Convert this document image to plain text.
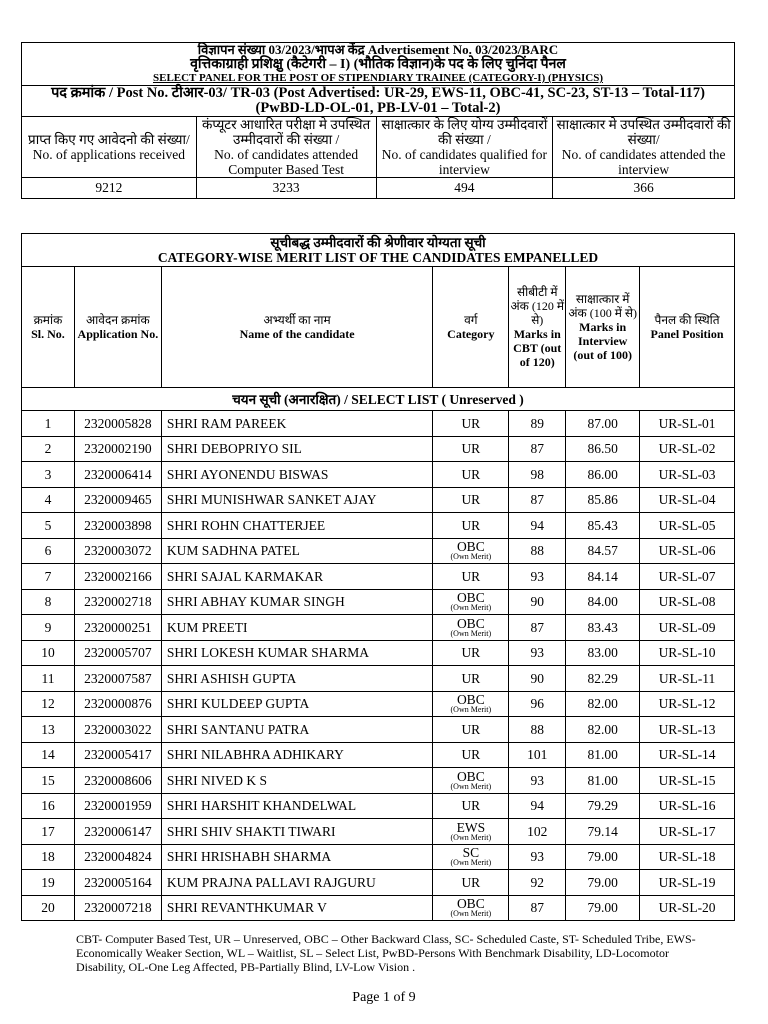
विज्ञापन संख्या 03/2023/भापअ केंद्र Advertisement No. 03/2023/BARC
वृत्तिकाग्राही प्रशिक्षु (कैटेगरी – I) (भौतिक विज्ञान)के पद के लिए चुनिंदा पैनल
SELECT PANEL FOR THE POST OF STIPENDIARY TRAINEE (CATEGORY-I) (PHYSICS)			

पद क्रमांक / Post No. टीआर-03/ TR-03 (Post Advertised: UR-29, EWS-11, OBC-41, SC-23, ST-13 – Total-117)
(PwBD-LD-OL-01, PB-LV-01 – Total-2)			

प्राप्त किए गए आवेदनो की संख्या/
No. of applications received	कंप्यूटर आधारित परीक्षा मे उपस्थित उम्मीदवारों की संख्या /
No. of candidates attended Computer Based Test	साक्षात्कार के लिए योग्य उम्मीदवारों की संख्या /
No. of candidates qualified for interview	साक्षात्कार मे उपस्थित उम्मीदवारों की संख्या/
No. of candidates attended the interview
9212	3233	494	366
सूचीबद्ध उम्मीदवारों की श्रेणीवार योग्यता सूची
CATEGORY-WISE MERIT LIST OF THE CANDIDATES EMPANELLED						

क्रमांक
Sl. No.	आवेदन क्रमांक
Application No.	अभ्यर्थी का नाम
Name of the candidate	वर्ग
Category	सीबीटी में अंक (120 में से)
Marks in CBT (out of 120)	साक्षात्कार में अंक (100 में से)
Marks in Interview (out of 100)	पैनल की स्थिति
Panel Position
चयन सूची (अनारक्षित) / SELECT LIST ( Unreserved )						
1	2320005828	SHRI RAM PAREEK	UR	89	87.00	UR-SL-01
2	2320002190	SHRI DEBOPRIYO SIL	UR	87	86.50	UR-SL-02
3	2320006414	SHRI AYONENDU BISWAS	UR	98	86.00	UR-SL-03
4	2320009465	SHRI MUNISHWAR SANKET AJAY	UR	87	85.86	UR-SL-04
5	2320003898	SHRI ROHN CHATTERJEE	UR	94	85.43	UR-SL-05
6	2320003072	KUM SADHNA PATEL	OBC
(Own Merit)	88	84.57	UR-SL-06
7	2320002166	SHRI SAJAL KARMAKAR	UR	93	84.14	UR-SL-07
8	2320002718	SHRI ABHAY KUMAR SINGH	OBC
(Own Merit)	90	84.00	UR-SL-08
9	2320000251	KUM PREETI	OBC
(Own Merit)	87	83.43	UR-SL-09
10	2320005707	SHRI LOKESH KUMAR SHARMA	UR	93	83.00	UR-SL-10
11	2320007587	SHRI ASHISH GUPTA	UR	90	82.29	UR-SL-11
12	2320000876	SHRI KULDEEP GUPTA	OBC
(Own Merit)	96	82.00	UR-SL-12
13	2320003022	SHRI SANTANU PATRA	UR	88	82.00	UR-SL-13
14	2320005417	SHRI NILABHRA ADHIKARY	UR	101	81.00	UR-SL-14
15	2320008606	SHRI NIVED K S	OBC
(Own Merit)	93	81.00	UR-SL-15
16	2320001959	SHRI HARSHIT KHANDELWAL	UR	94	79.29	UR-SL-16
17	2320006147	SHRI SHIV SHAKTI TIWARI	EWS
(Own Merit)	102	79.14	UR-SL-17
18	2320004824	SHRI HRISHABH SHARMA	SC
(Own Merit)	93	79.00	UR-SL-18
19	2320005164	KUM PRAJNA PALLAVI RAJGURU	UR	92	79.00	UR-SL-19
20	2320007218	SHRI REVANTHKUMAR V	OBC
(Own Merit)	87	79.00	UR-SL-20
CBT- Computer Based Test, UR – Unreserved, OBC – Other Backward Class, SC- Scheduled Caste, ST- Scheduled Tribe, EWS- Economically Weaker Section, WL – Waitlist, SL – Select List, PwBD-Persons With Benchmark Disability, LD-Locomotor Disability, OL-One Leg Affected, PB-Partially Blind, LV-Low Vision .
Page 1 of 9
